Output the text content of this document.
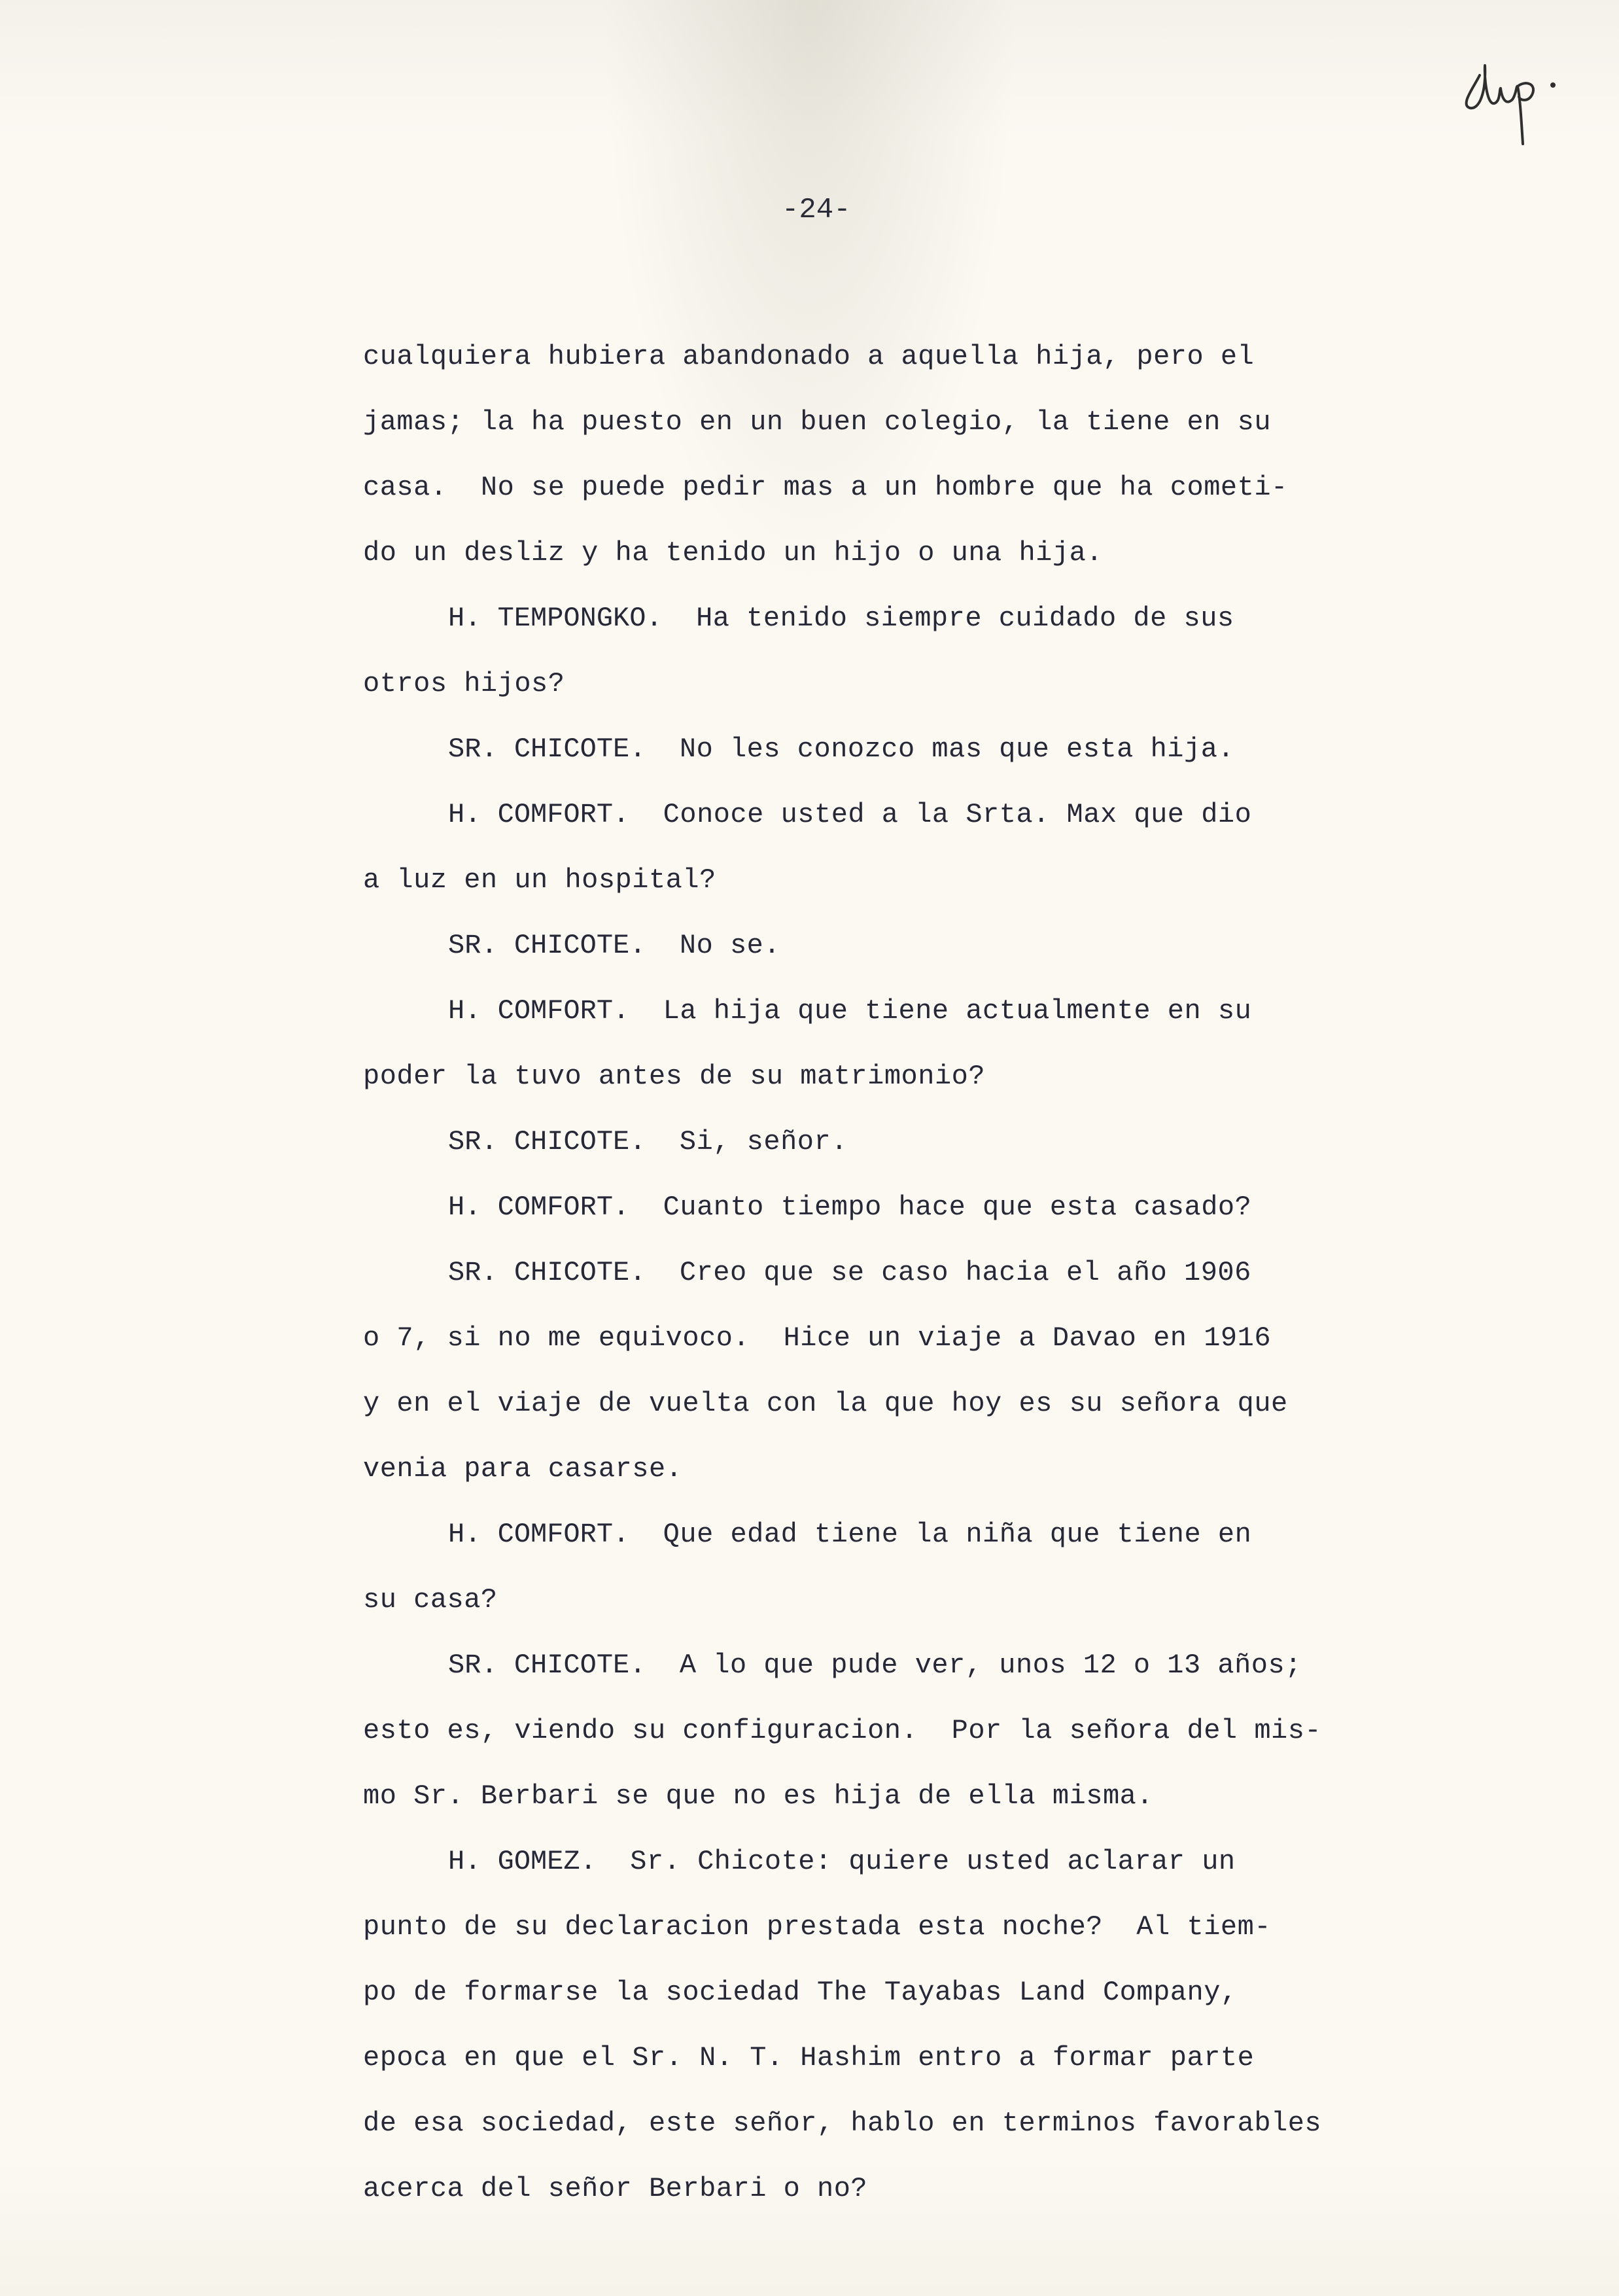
-24-
cualquiera hubiera abandonado a aquella hija, pero el
jamas; la ha puesto en un buen colegio, la tiene en su
casa.  No se puede pedir mas a un hombre que ha cometi-
do un desliz y ha tenido un hijo o una hija.
H. TEMPONGKO.  Ha tenido siempre cuidado de sus
otros hijos?
SR. CHICOTE.  No les conozco mas que esta hija.
H. COMFORT.  Conoce usted a la Srta. Max que dio
a luz en un hospital?
SR. CHICOTE.  No se.
H. COMFORT.  La hija que tiene actualmente en su
poder la tuvo antes de su matrimonio?
SR. CHICOTE.  Si, señor.
H. COMFORT.  Cuanto tiempo hace que esta casado?
SR. CHICOTE.  Creo que se caso hacia el año 1906
o 7, si no me equivoco.  Hice un viaje a Davao en 1916
y en el viaje de vuelta con la que hoy es su señora que
venia para casarse.
H. COMFORT.  Que edad tiene la niña que tiene en
su casa?
SR. CHICOTE.  A lo que pude ver, unos 12 o 13 años;
esto es, viendo su configuracion.  Por la señora del mis-
mo Sr. Berbari se que no es hija de ella misma.
H. GOMEZ.  Sr. Chicote: quiere usted aclarar un
punto de su declaracion prestada esta noche?  Al tiem-
po de formarse la sociedad The Tayabas Land Company,
epoca en que el Sr. N. T. Hashim entro a formar parte
de esa sociedad, este señor, hablo en terminos favorables
acerca del señor Berbari o no?
